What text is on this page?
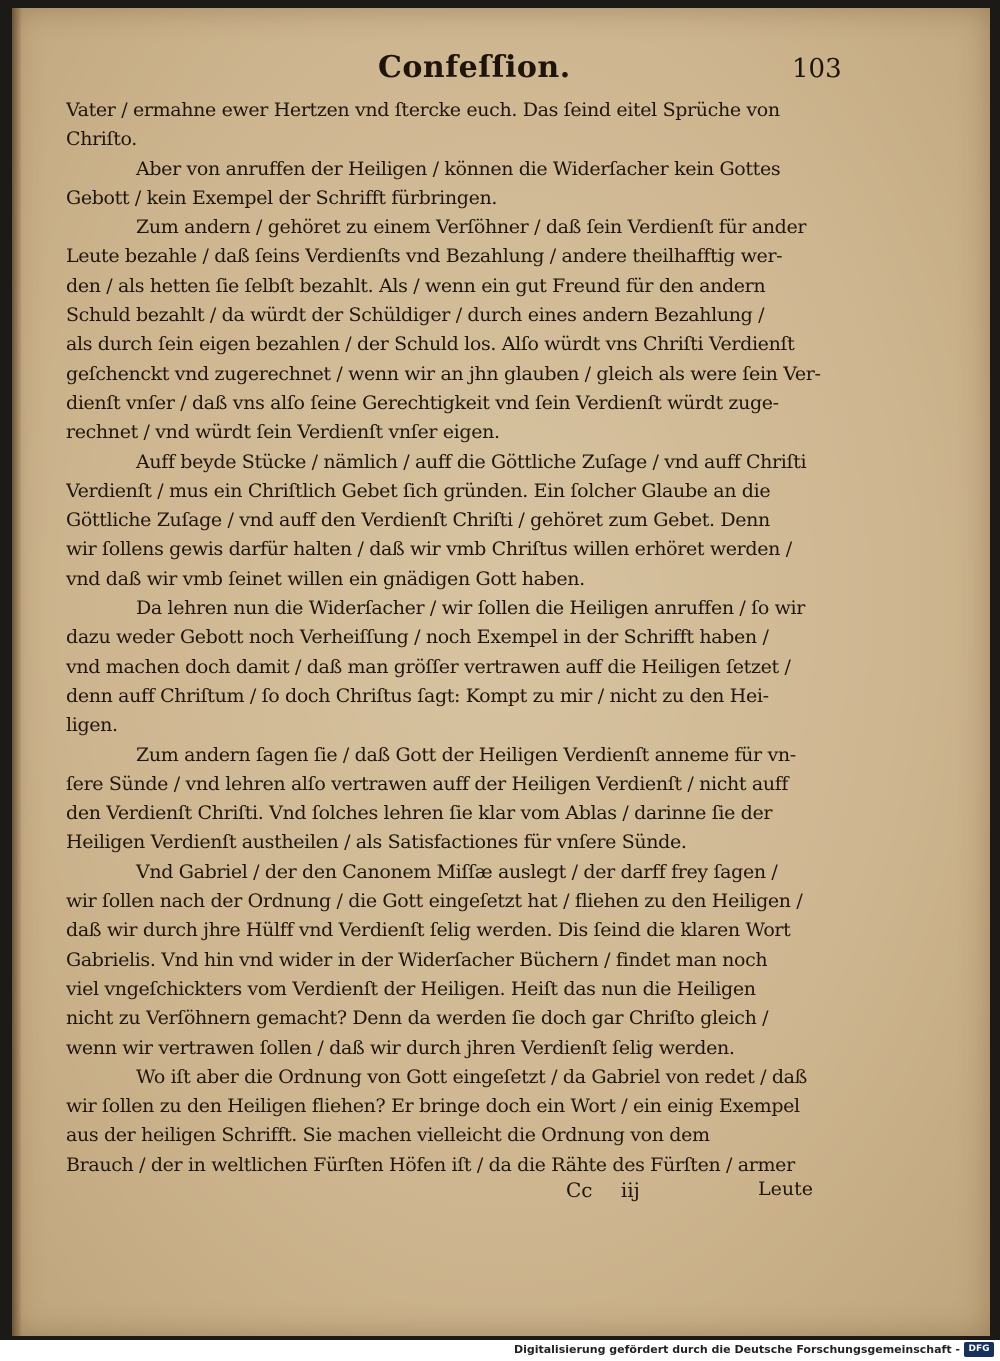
Confeſſion.	103
Vater / ermahne ewer Hertzen vnd ſtercke euch. Das ſeind eitel Sprüche von
Chriſto.
Aber von anruffen der Heiligen / können die Widerſacher kein Gottes
Gebott / kein Exempel der Schrifft fürbringen.
Zum andern / gehöret zu einem Verſöhner / daß ſein Verdienſt für ander
Leute bezahle / daß ſeins Verdienſts vnd Bezahlung / andere theilhafftig wer-
den / als hetten ſie ſelbſt bezahlt. Als / wenn ein gut Freund für den andern
Schuld bezahlt / da würdt der Schüldiger / durch eines andern Bezahlung /
als durch ſein eigen bezahlen / der Schuld los. Alſo würdt vns Chriſti Verdienſt
geſchenckt vnd zugerechnet / wenn wir an jhn glauben / gleich als were ſein Ver-
dienſt vnſer / daß vns alſo ſeine Gerechtigkeit vnd ſein Verdienſt würdt zuge-
rechnet / vnd würdt ſein Verdienſt vnſer eigen.
Auff beyde Stücke / nämlich / auff die Göttliche Zuſage / vnd auff Chriſti
Verdienſt / mus ein Chriſtlich Gebet ſich gründen. Ein ſolcher Glaube an die
Göttliche Zuſage / vnd auff den Verdienſt Chriſti / gehöret zum Gebet. Denn
wir ſollens gewis darfür halten / daß wir vmb Chriſtus willen erhöret werden /
vnd daß wir vmb ſeinet willen ein gnädigen Gott haben.
Da lehren nun die Widerſacher / wir ſollen die Heiligen anruffen / ſo wir
dazu weder Gebott noch Verheiſſung / noch Exempel in der Schrifft haben /
vnd machen doch damit / daß man gröſſer vertrawen auff die Heiligen ſetzet /
denn auff Chriſtum / ſo doch Chriſtus ſagt: Kompt zu mir / nicht zu den Hei-
ligen.
Zum andern ſagen ſie / daß Gott der Heiligen Verdienſt anneme für vn-
ſere Sünde / vnd lehren alſo vertrawen auff der Heiligen Verdienſt / nicht auff
den Verdienſt Chriſti. Vnd ſolches lehren ſie klar vom Ablas / darinne ſie der
Heiligen Verdienſt austheilen / als Satisfactiones für vnſere Sünde.
Vnd Gabriel / der den Canonem Miſſæ auslegt / der darff frey ſagen /
wir ſollen nach der Ordnung / die Gott eingeſetzt hat / fliehen zu den Heiligen /
daß wir durch jhre Hülff vnd Verdienſt ſelig werden. Dis ſeind die klaren Wort
Gabrielis. Vnd hin vnd wider in der Widerſacher Büchern / findet man noch
viel vngeſchickters vom Verdienſt der Heiligen. Heiſt das nun die Heiligen
nicht zu Verſöhnern gemacht? Denn da werden ſie doch gar Chriſto gleich /
wenn wir vertrawen ſollen / daß wir durch jhren Verdienſt ſelig werden.
Wo iſt aber die Ordnung von Gott eingeſetzt / da Gabriel von redet / daß
wir ſollen zu den Heiligen fliehen? Er bringe doch ein Wort / ein einig Exempel
aus der heiligen Schrifft. Sie machen vielleicht die Ordnung von dem
Brauch / der in weltlichen Fürſten Höfen iſt / da die Rähte des Fürſten / armer
Cc iij	Leute
Digitalisierung gefördert durch die Deutsche Forschungsgemeinschaft - DFG
